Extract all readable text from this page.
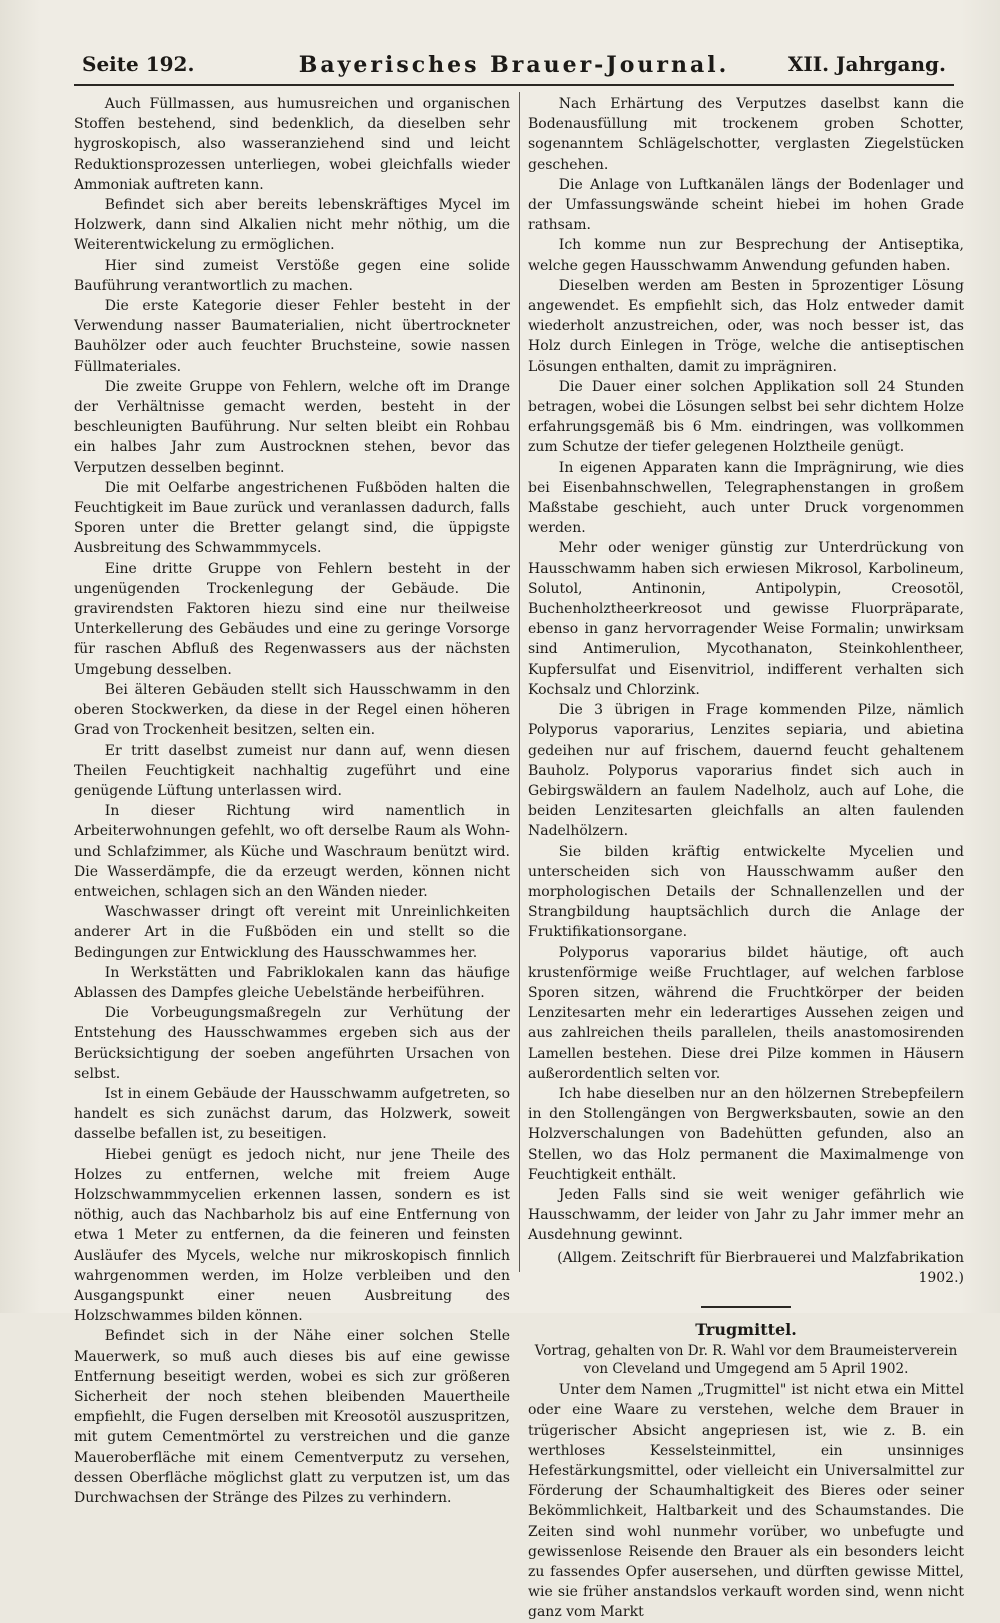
Seite 192.	Bayerisches Brauer-Journal.	XII. Jahrgang.

Auch Füllmassen, aus humusreichen und organischen Stoffen bestehend, sind bedenklich, da dieselben sehr hygroskopisch, also wasseranziehend sind und leicht Reduktionsprozessen unterliegen, wobei gleichfalls wieder Ammoniak auftreten kann.

Befindet sich aber bereits lebenskräftiges Mycel im Holzwerk, dann sind Alkalien nicht mehr nöthig, um die Weiterentwickelung zu ermöglichen.

Hier sind zumeist Verstöße gegen eine solide Bauführung verantwortlich zu machen.

Die erste Kategorie dieser Fehler besteht in der Verwendung nasser Baumaterialien, nicht übertrockneter Bauhölzer oder auch feuchter Bruchsteine, sowie nassen Füllmateriales.

Die zweite Gruppe von Fehlern, welche oft im Drange der Verhältnisse gemacht werden, besteht in der beschleunigten Bauführung. Nur selten bleibt ein Rohbau ein halbes Jahr zum Austrocknen stehen, bevor das Verputzen desselben beginnt.

Die mit Oelfarbe angestrichenen Fußböden halten die Feuchtigkeit im Baue zurück und veranlassen dadurch, falls Sporen unter die Bretter gelangt sind, die üppigste Ausbreitung des Schwammmycels.

Eine dritte Gruppe von Fehlern besteht in der ungenügenden Trockenlegung der Gebäude. Die gravirendsten Faktoren hiezu sind eine nur theilweise Unterkellerung des Gebäudes und eine zu geringe Vorsorge für raschen Abfluß des Regenwassers aus der nächsten Umgebung desselben.

Bei älteren Gebäuden stellt sich Hausschwamm in den oberen Stockwerken, da diese in der Regel einen höheren Grad von Trockenheit besitzen, selten ein.

Er tritt daselbst zumeist nur dann auf, wenn diesen Theilen Feuchtigkeit nachhaltig zugeführt und eine genügende Lüftung unterlassen wird.

In dieser Richtung wird namentlich in Arbeiterwohnungen gefehlt, wo oft derselbe Raum als Wohn- und Schlafzimmer, als Küche und Waschraum benützt wird. Die Wasserdämpfe, die da erzeugt werden, können nicht entweichen, schlagen sich an den Wänden nieder.

Waschwasser dringt oft vereint mit Unreinlichkeiten anderer Art in die Fußböden ein und stellt so die Bedingungen zur Entwicklung des Hausschwammes her.

In Werkstätten und Fabriklokalen kann das häufige Ablassen des Dampfes gleiche Uebelstände herbeiführen.

Die Vorbeugungsmaßregeln zur Verhütung der Entstehung des Hausschwammes ergeben sich aus der Berücksichtigung der soeben angeführten Ursachen von selbst.

Ist in einem Gebäude der Hausschwamm aufgetreten, so handelt es sich zunächst darum, das Holzwerk, soweit dasselbe befallen ist, zu beseitigen.

Hiebei genügt es jedoch nicht, nur jene Theile des Holzes zu entfernen, welche mit freiem Auge Holzschwammmycelien erkennen lassen, sondern es ist nöthig, auch das Nachbarholz bis auf eine Entfernung von etwa 1 Meter zu entfernen, da die feineren und feinsten Ausläufer des Mycels, welche nur mikroskopisch finnlich wahrgenommen werden, im Holze verbleiben und den Ausgangspunkt einer neuen Ausbreitung des Holzschwammes bilden können.

Befindet sich in der Nähe einer solchen Stelle Mauerwerk, so muß auch dieses bis auf eine gewisse Entfernung beseitigt werden, wobei es sich zur größeren Sicherheit der noch stehen bleibenden Mauertheile empfiehlt, die Fugen derselben mit Kreosotöl auszuspritzen, mit gutem Cementmörtel zu verstreichen und die ganze Maueroberfläche mit einem Cementverputz zu versehen, dessen Oberfläche möglichst glatt zu verputzen ist, um das Durchwachsen der Stränge des Pilzes zu verhindern.

Nach Erhärtung des Verputzes daselbst kann die Bodenausfüllung mit trockenem groben Schotter, sogenanntem Schlägelschotter, verglasten Ziegelstücken geschehen.

Die Anlage von Luftkanälen längs der Bodenlager und der Umfassungswände scheint hiebei im hohen Grade rathsam.

Ich komme nun zur Besprechung der Antiseptika, welche gegen Hausschwamm Anwendung gefunden haben.

Dieselben werden am Besten in 5prozentiger Lösung angewendet. Es empfiehlt sich, das Holz entweder damit wiederholt anzustreichen, oder, was noch besser ist, das Holz durch Einlegen in Tröge, welche die antiseptischen Lösungen enthalten, damit zu imprägniren.

Die Dauer einer solchen Applikation soll 24 Stunden betragen, wobei die Lösungen selbst bei sehr dichtem Holze erfahrungsgemäß bis 6 Mm. eindringen, was vollkommen zum Schutze der tiefer gelegenen Holztheile genügt.

In eigenen Apparaten kann die Imprägnirung, wie dies bei Eisenbahnschwellen, Telegraphenstangen in großem Maßstabe geschieht, auch unter Druck vorgenommen werden.

Mehr oder weniger günstig zur Unterdrückung von Hausschwamm haben sich erwiesen Mikrosol, Karbolineum, Solutol, Antinonin, Antipolypin, Creosotöl, Buchenholztheerkreosot und gewisse Fluorpräparate, ebenso in ganz hervorragender Weise Formalin; unwirksam sind Antimerulion, Mycothanaton, Steinkohlentheer, Kupfersulfat und Eisenvitriol, indifferent verhalten sich Kochsalz und Chlorzink.

Die 3 übrigen in Frage kommenden Pilze, nämlich Polyporus vaporarius, Lenzites sepiaria, und abietina gedeihen nur auf frischem, dauernd feucht gehaltenem Bauholz. Polyporus vaporarius findet sich auch in Gebirgswäldern an faulem Nadelholz, auch auf Lohe, die beiden Lenzitesarten gleichfalls an alten faulenden Nadelhölzern.

Sie bilden kräftig entwickelte Mycelien und unterscheiden sich von Hausschwamm außer den morphologischen Details der Schnallenzellen und der Strangbildung hauptsächlich durch die Anlage der Fruktifikationsorgane.

Polyporus vaporarius bildet häutige, oft auch krustenförmige weiße Fruchtlager, auf welchen farblose Sporen sitzen, während die Fruchtkörper der beiden Lenzitesarten mehr ein lederartiges Aussehen zeigen und aus zahlreichen theils parallelen, theils anastomosirenden Lamellen bestehen. Diese drei Pilze kommen in Häusern außerordentlich selten vor.

Ich habe dieselben nur an den hölzernen Strebepfeilern in den Stollengängen von Bergwerksbauten, sowie an den Holzverschalungen von Badehütten gefunden, also an Stellen, wo das Holz permanent die Maximalmenge von Feuchtigkeit enthält.

Jeden Falls sind sie weit weniger gefährlich wie Hausschwamm, der leider von Jahr zu Jahr immer mehr an Ausdehnung gewinnt.

(Allgem. Zeitschrift für Bierbrauerei und Malzfabrikation 1902.)

Trugmittel.
Vortrag, gehalten von Dr. R. Wahl vor dem Braumeisterverein von Cleveland und Umgegend am 5 April 1902.

Unter dem Namen „Trugmittel" ist nicht etwa ein Mittel oder eine Waare zu verstehen, welche dem Brauer in trügerischer Absicht angepriesen ist, wie z. B. ein werthloses Kesselsteinmittel, ein unsinniges Hefestärkungsmittel, oder vielleicht ein Universalmittel zur Förderung der Schaumhaltigkeit des Bieres oder seiner Bekömmlichkeit, Haltbarkeit und des Schaumstandes. Die Zeiten sind wohl nunmehr vorüber, wo unbefugte und gewissenlose Reisende den Brauer als ein besonders leicht zu fassendes Opfer ausersehen, und dürften gewisse Mittel, wie sie früher anstandslos verkauft worden sind, wenn nicht ganz vom Markt
